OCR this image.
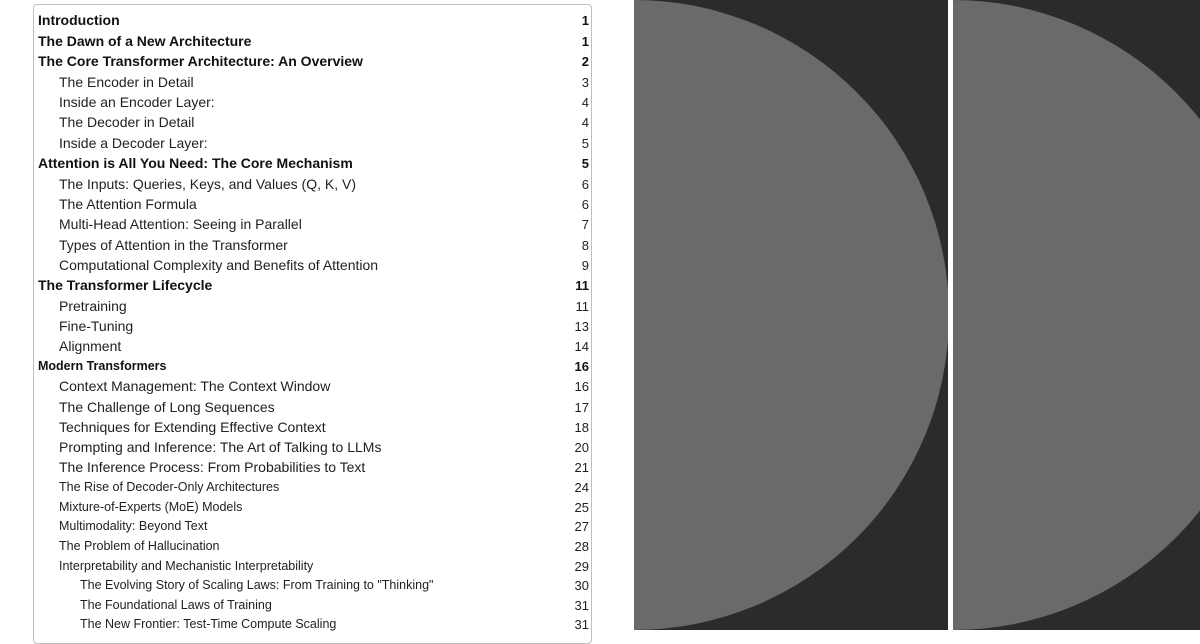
Introduction	1
The Dawn of a New Architecture	1
The Core Transformer Architecture: An Overview	2
The Encoder in Detail	3
Inside an Encoder Layer:	4
The Decoder in Detail	4
Inside a Decoder Layer:	5
Attention is All You Need: The Core Mechanism	5
The Inputs: Queries, Keys, and Values (Q, K, V)	6
The Attention Formula	6
Multi-Head Attention: Seeing in Parallel	7
Types of Attention in the Transformer	8
Computational Complexity and Benefits of Attention	9
The Transformer Lifecycle	11
Pretraining	11
Fine-Tuning	13
Alignment	14
Modern Transformers	16
Context Management: The Context Window	16
The Challenge of Long Sequences	17
Techniques for Extending Effective Context	18
Prompting and Inference: The Art of Talking to LLMs	20
The Inference Process: From Probabilities to Text	21
The Rise of Decoder-Only Architectures	24
Mixture-of-Experts (MoE) Models	25
Multimodality: Beyond Text	27
The Problem of Hallucination	28
Interpretability and Mechanistic Interpretability	29
The Evolving Story of Scaling Laws: From Training to "Thinking"	30
The Foundational Laws of Training	31
The New Frontier: Test-Time Compute Scaling	31
